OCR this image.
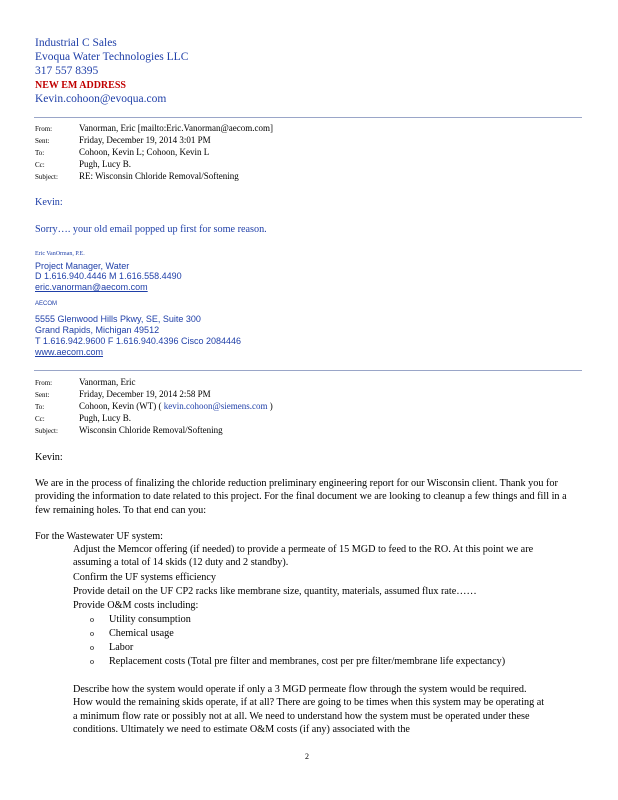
Industrial C Sales
Evoqua Water Technologies LLC
317 557 8395
NEW EM ADDRESS
Kevin.cohoon@evoqua.com
From:	Vanorman, Eric [mailto:Eric.Vanorman@aecom.com]
Sent:	Friday, December 19, 2014 3:01 PM
To:	Cohoon, Kevin L; Cohoon, Kevin L
Cc:	Pugh, Lucy B.
Subject: RE: Wisconsin Chloride Removal/Softening
Kevin:
Sorry…. your old email popped up first for some reason.
Eric VanOrman, P.E.
Project Manager, Water
D 1.616.940.4446 M 1.616.558.4490
eric.vanorman@aecom.com
AECOM
5555 Glenwood Hills Pkwy, SE, Suite 300
Grand Rapids, Michigan 49512
T 1.616.942.9600 F 1.616.940.4396 Cisco 2084446
www.aecom.com
From:	Vanorman, Eric
Sent:	Friday, December 19, 2014 2:58 PM
To:	Cohoon, Kevin (WT) ( kevin.cohoon@siemens.com )
Cc:	Pugh, Lucy B.
Subject: Wisconsin Chloride Removal/Softening
Kevin:
We are in the process of finalizing the chloride reduction preliminary engineering report for our Wisconsin client. Thank you for providing the information to date related to this project. For the final document we are looking to cleanup a few things and fill in a few remaining holes. To that end can you:
For the Wastewater UF system:
Adjust the Memcor offering (if needed) to provide a permeate of 15 MGD to feed to the RO. At this point we are assuming a total of 14 skids (12 duty and 2 standby).
Confirm the UF systems efficiency
Provide detail on the UF CP2 racks like membrane size, quantity, materials, assumed flux rate……
Provide O&M costs including:
o Utility consumption
o Chemical usage
o Labor
o Replacement costs (Total pre filter and membranes, cost per pre filter/membrane life expectancy)
Describe how the system would operate if only a 3 MGD permeate flow through the system would be required. How would the remaining skids operate, if at all? There are going to be times when this system may be operating at a minimum flow rate or possibly not at all. We need to understand how the system must be operated under these conditions. Ultimately we need to estimate O&M costs (if any) associated with the
2
